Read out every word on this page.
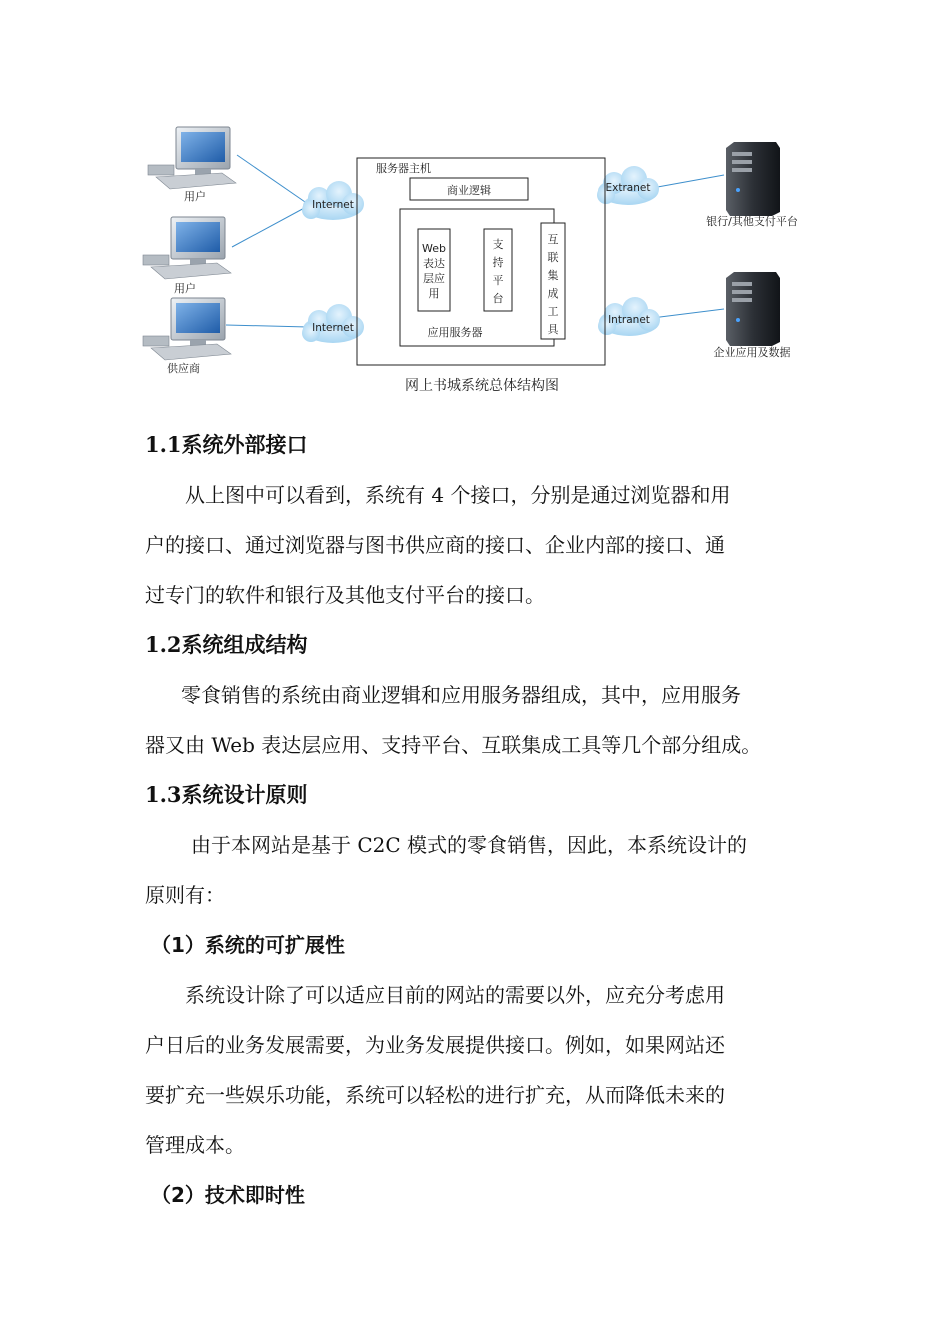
用户
用户
供应商
Internet
Internet
Extranet
Intranet
服务器主机
商业逻辑
应用服务器
Web
表达
层应
用
支
持
平
台
互
联
集
成
工
具
银行/其他支付平台
企业应用及数据
网上书城系统总体结构图
1.1系统外部接口

从上图中可以看到，系统有 4 个接口，分别是通过浏览器和用

户的接口、通过浏览器与图书供应商的接口、企业内部的接口、通

过专门的软件和银行及其他支付平台的接口。

1.2系统组成结构

零食销售的系统由商业逻辑和应用服务器组成，其中，应用服务

器又由 Web 表达层应用、支持平台、互联集成工具等几个部分组成。

1.3系统设计原则

由于本网站是基于 C2C 模式的零食销售，因此，本系统设计的

原则有：

（1）系统的可扩展性

系统设计除了可以适应目前的网站的需要以外，应充分考虑用

户日后的业务发展需要，为业务发展提供接口。例如，如果网站还

要扩充一些娱乐功能，系统可以轻松的进行扩充，从而降低未来的

管理成本。

（2）技术即时性
